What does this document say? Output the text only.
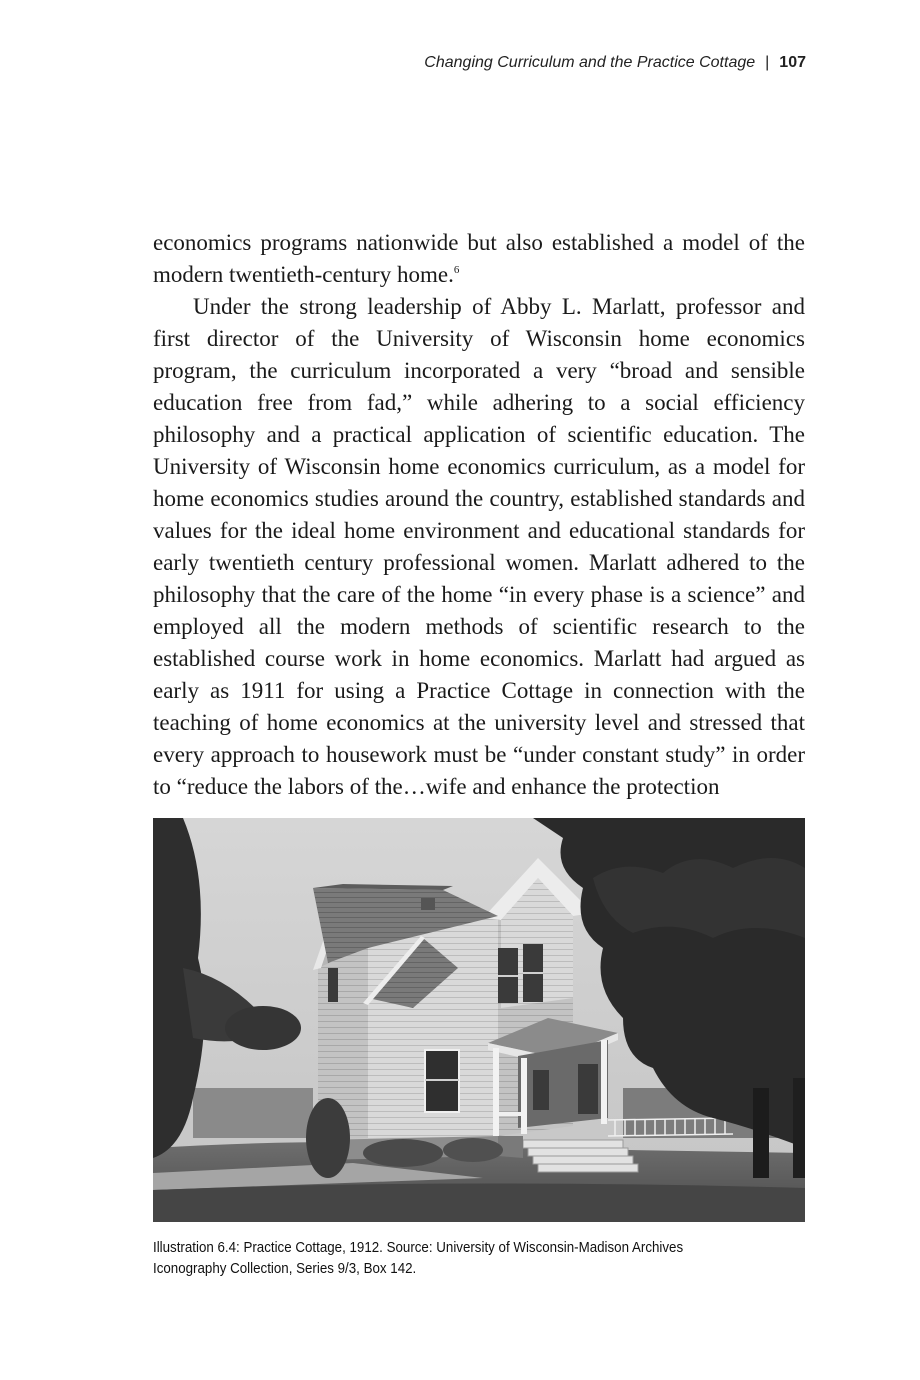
Changing Curriculum and the Practice Cottage | 107

economics programs nationwide but also established a model of the modern twentieth-century home.$^6$

Under the strong leadership of Abby L. Marlatt, professor and first director of the University of Wisconsin home economics program, the curriculum incorporated a very “broad and sensible education free from fad,” while adhering to a social efficiency philosophy and a practical application of scientific education. The University of Wisconsin home economics curriculum, as a model for home economics studies around the country, established standards and values for the ideal home environment and educational standards for early twentieth century professional women. Marlatt adhered to the philosophy that the care of the home “in every phase is a science” and employed all the modern methods of scientific research to the established course work in home economics. Marlatt had argued as early as 1911 for using a Practice Cottage in connection with the teaching of home economics at the university level and stressed that every approach to housework must be “under constant study” in order to “reduce the labors of the…wife and enhance the protection

Illustration 6.4: Practice Cottage, 1912. Source: University of Wisconsin-Madison Archives Iconography Collection, Series 9/3, Box 142.
